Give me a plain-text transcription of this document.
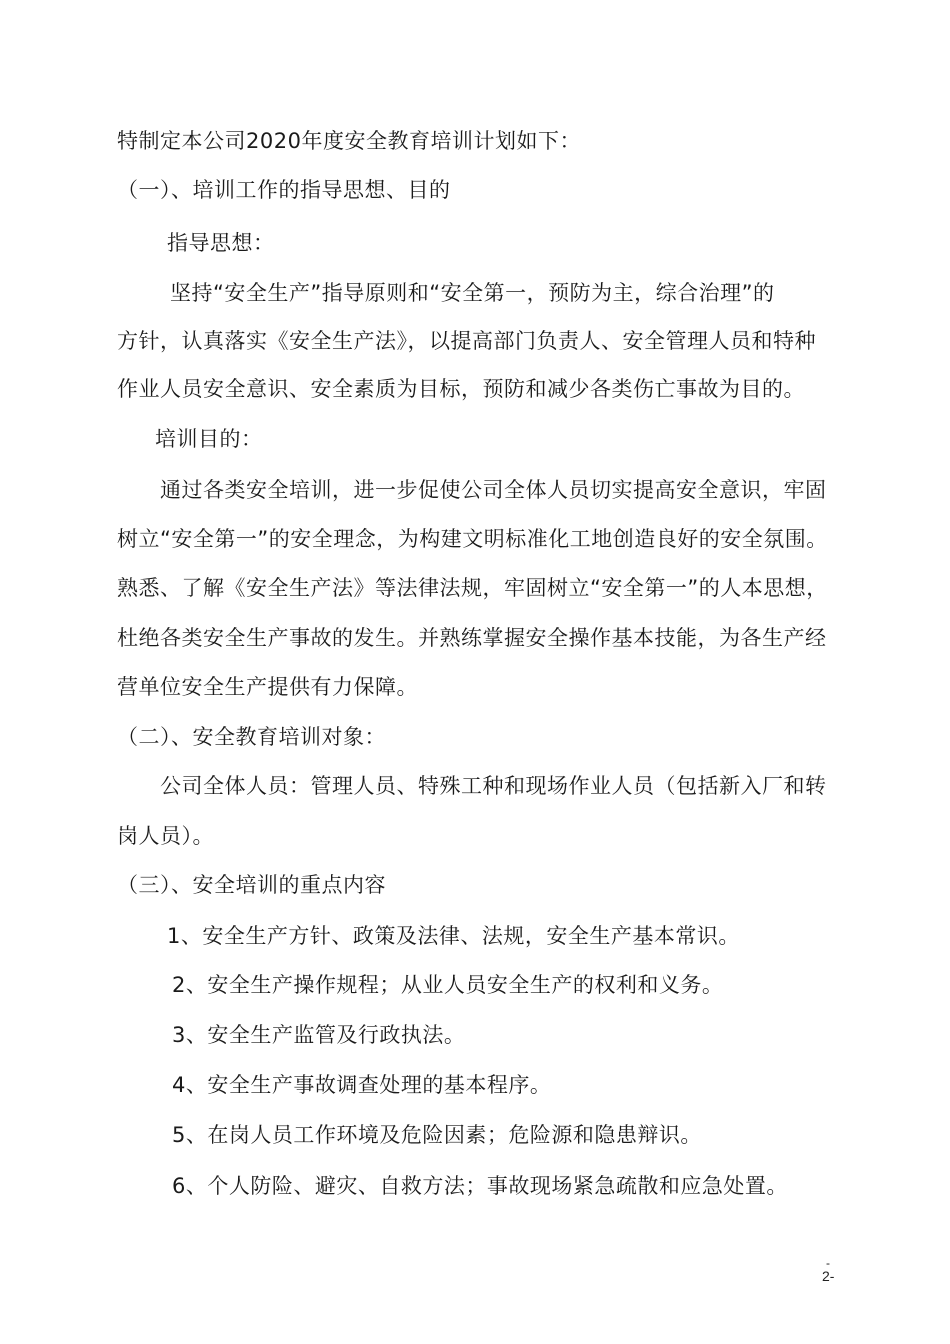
特制定本公司2020年度安全教育培训计划如下：
（一）、培训工作的指导思想、目的
指导思想：
坚持“安全生产”指导原则和“安全第一，预防为主，综合治理”的
方针，认真落实《安全生产法》，以提高部门负责人、安全管理人员和特种
作业人员安全意识、安全素质为目标，预防和减少各类伤亡事故为目的。
培训目的：
通过各类安全培训，进一步促使公司全体人员切实提高安全意识，牢固
树立“安全第一”的安全理念，为构建文明标准化工地创造良好的安全氛围。
熟悉、了解《安全生产法》等法律法规，牢固树立“安全第一”的人本思想，
杜绝各类安全生产事故的发生。并熟练掌握安全操作基本技能，为各生产经
营单位安全生产提供有力保障。
（二）、安全教育培训对象：
公司全体人员：管理人员、特殊工种和现场作业人员（包括新入厂和转
岗人员）。
（三）、安全培训的重点内容
1、安全生产方针、政策及法律、法规，安全生产基本常识。
2、安全生产操作规程；从业人员安全生产的权利和义务。
3、安全生产监管及行政执法。
4、安全生产事故调查处理的基本程序。
5、在岗人员工作环境及危险因素；危险源和隐患辩识。
6、个人防险、避灾、自救方法；事故现场紧急疏散和应急处置。
-
2-
